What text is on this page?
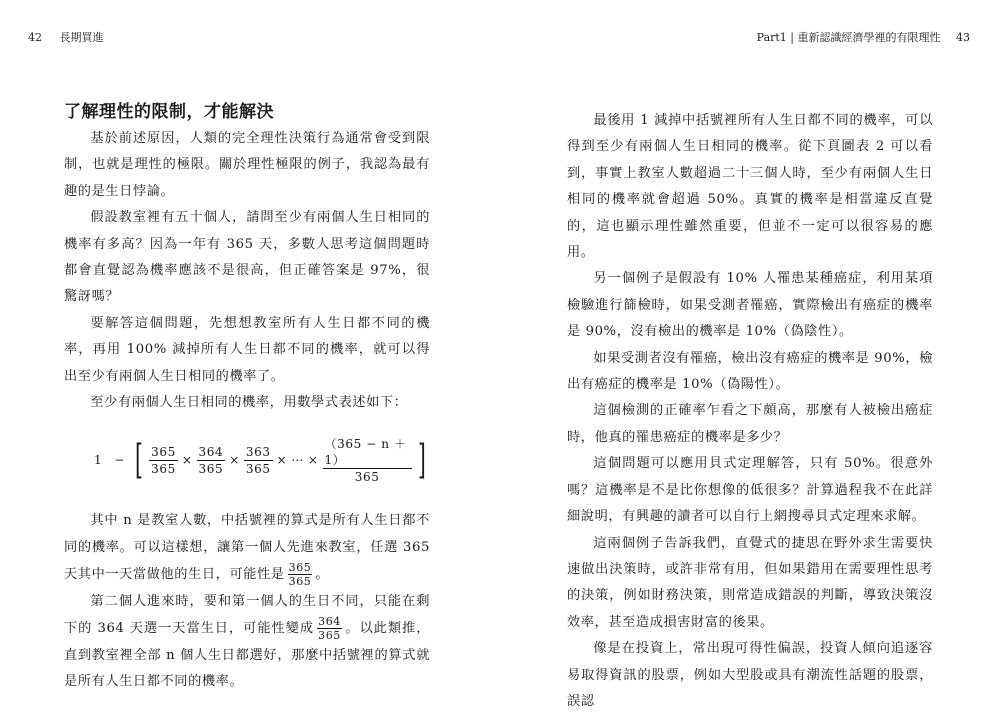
42 長期買進	Part1 | 重新認識經濟學裡的有限理性 43
了解理性的限制，才能解決

基於前述原因，人類的完全理性決策行為通常會受到限制，也就是理性的極限。關於理性極限的例子，我認為最有趣的是生日悖論。

假設教室裡有五十個人，請問至少有兩個人生日相同的機率有多高？因為一年有 365 天，多數人思考這個問題時都會直覺認為機率應該不是很高，但正確答案是 97%，很驚訝嗎？

要解答這個問題，先想想教室所有人生日都不同的機率，再用 100% 減掉所有人生日都不同的機率，就可以得出至少有兩個人生日相同的機率了。

至少有兩個人生日相同的機率，用數學式表述如下：

1 − [ $\frac{365}{365} \times \frac{364}{365} \times \frac{363}{365}$ × ⋯ × $\frac{(365 - n + 1)}{365}$ ]

其中 n 是教室人數，中括號裡的算式是所有人生日都不同的機率。可以這樣想，讓第一個人先進來教室，任選 365 天其中一天當做他的生日，可能性是 $\frac{365}{365}$ 。

第二個人進來時，要和第一個人的生日不同，只能在剩下的 364 天選一天當生日，可能性變成 $\frac{364}{365}$ 。以此類推，直到教室裡全部 n 個人生日都選好，那麼中括號裡的算式就是所有人生日都不同的機率。

最後用 1 減掉中括號裡所有人生日都不同的機率，可以得到至少有兩個人生日相同的機率。從下頁圖表 2 可以看到，事實上教室人數超過二十三個人時，至少有兩個人生日相同的機率就會超過 50%。真實的機率是相當違反直覺的，這也顯示理性雖然重要，但並不一定可以很容易的應用。

另一個例子是假設有 10% 人罹患某種癌症，利用某項檢驗進行篩檢時，如果受測者罹癌，實際檢出有癌症的機率是 90%，沒有檢出的機率是 10%（偽陰性）。

如果受測者沒有罹癌，檢出沒有癌症的機率是 90%，檢出有癌症的機率是 10%（偽陽性）。

這個檢測的正確率乍看之下頗高，那麼有人被檢出癌症時，他真的罹患癌症的機率是多少？

這個問題可以應用貝式定理解答，只有 50%。很意外嗎？這機率是不是比你想像的低很多？計算過程我不在此詳細說明，有興趣的讀者可以自行上網搜尋貝式定理來求解。

這兩個例子告訴我們，直覺式的捷思在野外求生需要快速做出決策時，或許非常有用，但如果錯用在需要理性思考的決策，例如財務決策，則常造成錯誤的判斷，導致決策沒效率，甚至造成損害財富的後果。

像是在投資上，常出現可得性偏誤，投資人傾向追逐容易取得資訊的股票，例如大型股或具有潮流性話題的股票，誤認
